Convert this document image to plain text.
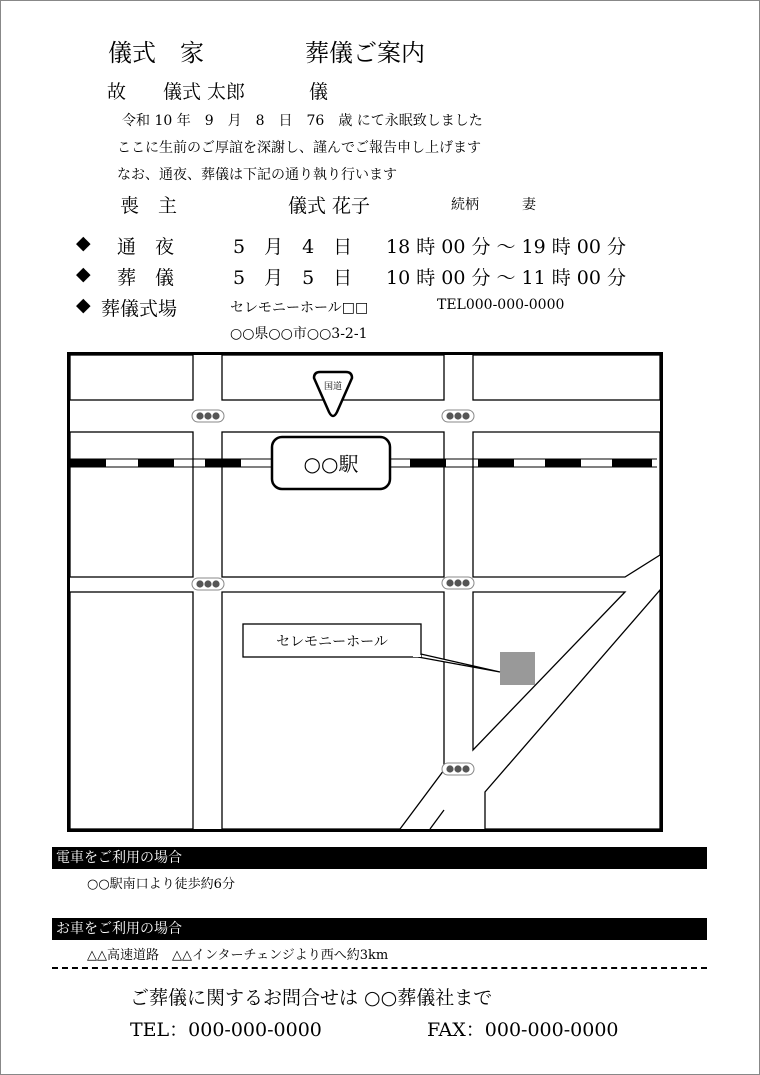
儀式　家	葬儀ご案内
故 儀式 太郎	儀
令和 10 年　9　月　8　日　76　歳 にて永眠致しました
ここに生前のご厚誼を深謝し、謹んでご報告申し上げます
なお、通夜、葬儀は下記の通り執り行います
喪　主	儀式 花子	続柄	妻
◆ 通　夜	5　月　4　日 18 時 00 分 ～ 19 時 00 分
◆ 葬　儀	5　月　5　日 10 時 00 分 ～ 11 時 00 分
◆ 葬儀式場	セレモニーホール□□	TEL000-000-0000
○○県○○市○○3-2-1
○○駅
国道
セレモニーホール
電車をご利用の場合
○○駅南口より徒歩約6分
お車をご利用の場合
△△高速道路　△△インターチェンジより西へ約3km
ご葬儀に関するお問合せは ○○葬儀社まで
TEL：000-000-0000	FAX：000-000-0000
